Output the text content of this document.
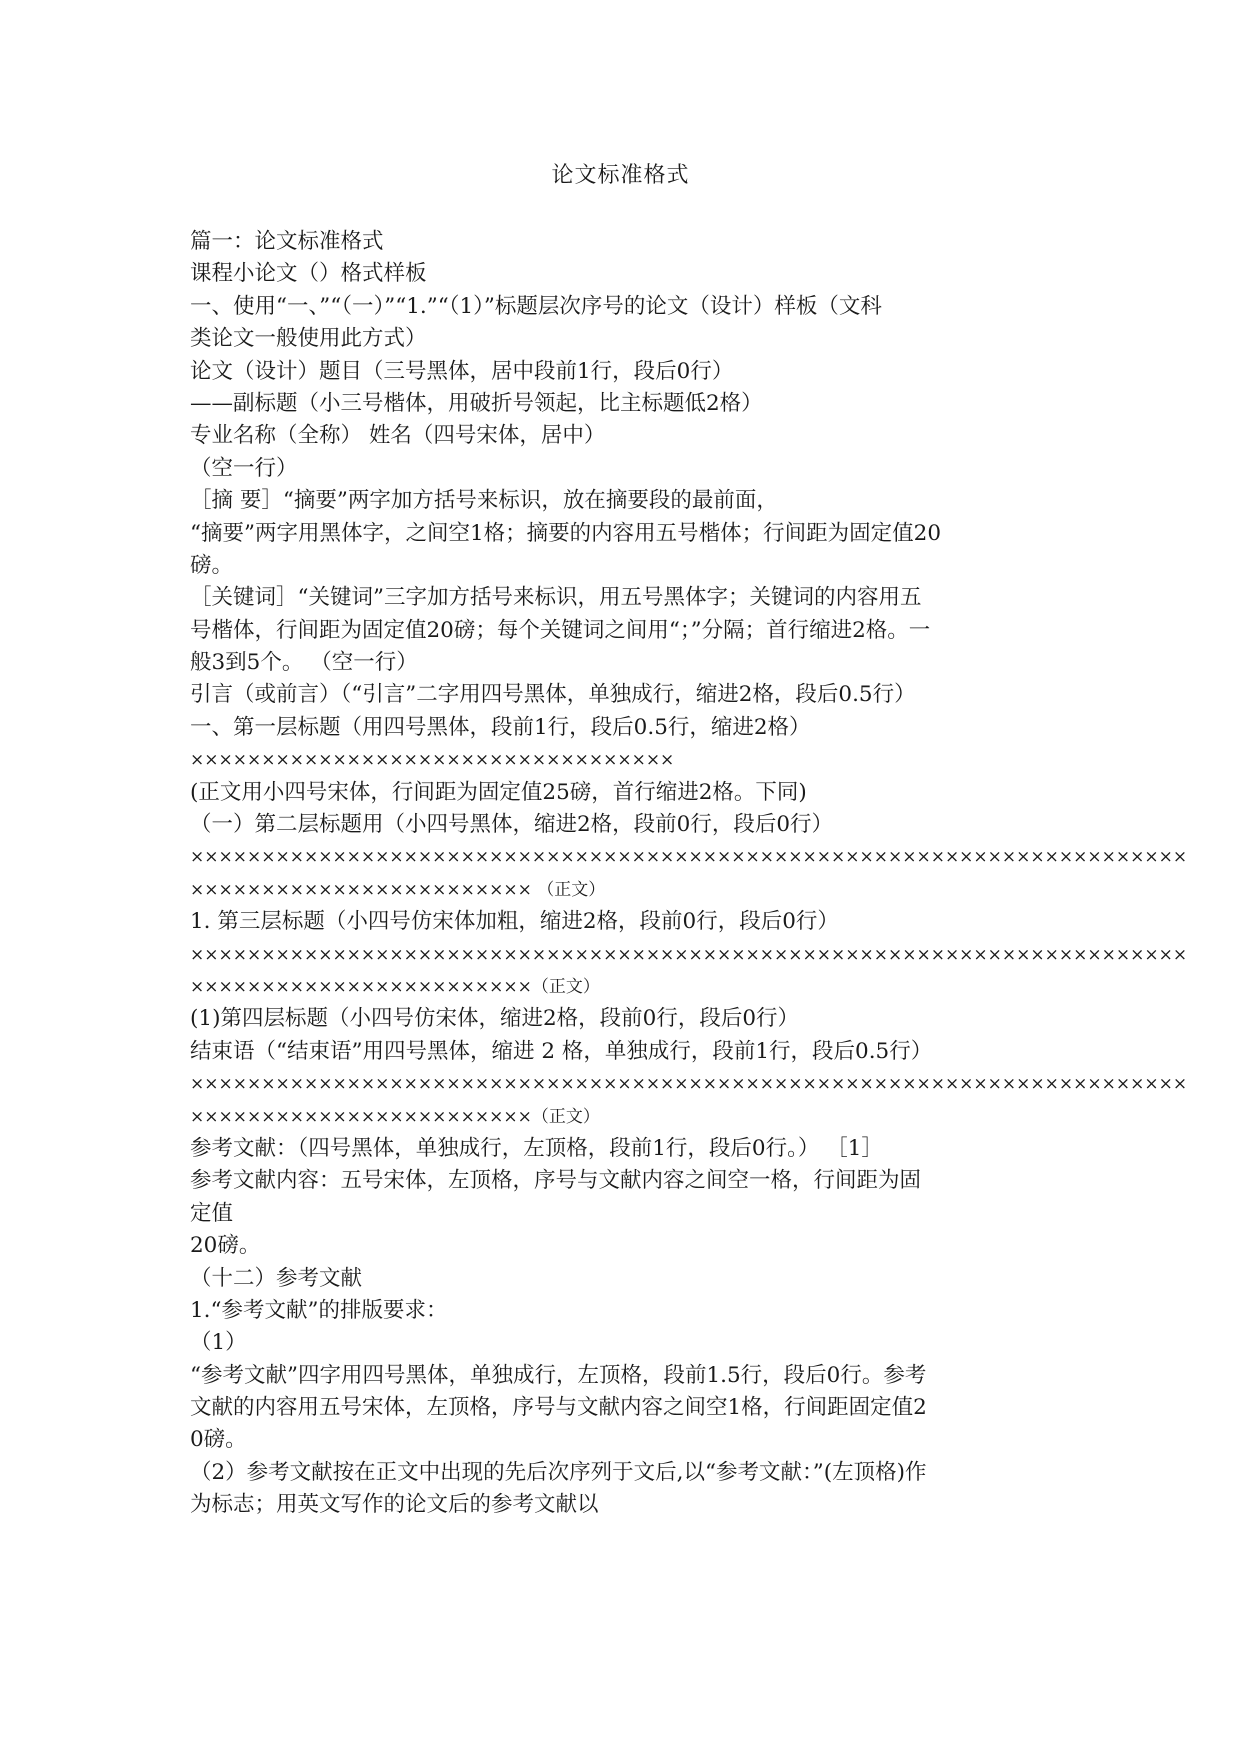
论文标准格式
篇一：论文标准格式
课程小论文（）格式样板
一、使用“一、”“（一）”“1.”“（1）”标题层次序号的论文（设计）样板（文科
类论文一般使用此方式）
论文（设计）题目（三号黑体，居中段前1行，段后0行）
——副标题（小三号楷体，用破折号领起，比主标题低2格）
专业名称（全称） 姓名（四号宋体，居中）
（空一行）
［摘 要］“摘要”两字加方括号来标识，放在摘要段的最前面，
“摘要”两字用黑体字，之间空1格；摘要的内容用五号楷体；行间距为固定值20
磅。
［关键词］“关键词”三字加方括号来标识，用五号黑体字；关键词的内容用五
号楷体，行间距为固定值20磅；每个关键词之间用“；”分隔；首行缩进2格。一
般3到5个。 （空一行）
引言（或前言）（“引言”二字用四号黑体，单独成行，缩进2格，段后0.5行）
一、第一层标题（用四号黑体，段前1行，段后0.5行，缩进2格）
××××××××××××××××××××××××××××××××××
(正文用小四号宋体，行间距为固定值25磅，首行缩进2格。下同)
（一）第二层标题用（小四号黑体，缩进2格，段前0行，段后0行）
××××××××××××××××××××××××××××××××××××××××××××××××××××××××××××××××××××××
×××××××××××××××××××××××× （正文）
1. 第三层标题（小四号仿宋体加粗，缩进2格，段前0行，段后0行）
××××××××××××××××××××××××××××××××××××××××××××××××××××××××××××××××××××××
××××××××××××××××××××××××（正文）
(1)第四层标题（小四号仿宋体，缩进2格，段前0行，段后0行）
结束语（“结束语”用四号黑体，缩进 2 格，单独成行，段前1行，段后0.5行）
××××××××××××××××××××××××××××××××××××××××××××××××××××××××××××××××××××××
××××××××××××××××××××××××（正文）
参考文献：（四号黑体，单独成行，左顶格，段前1行，段后0行。） ［1］
参考文献内容：五号宋体，左顶格，序号与文献内容之间空一格，行间距为固
定值
20磅。
（十二）参考文献
1.“参考文献”的排版要求：
（1）
“参考文献”四字用四号黑体，单独成行，左顶格，段前1.5行，段后0行。参考
文献的内容用五号宋体，左顶格，序号与文献内容之间空1格，行间距固定值2
0磅。
（2）参考文献按在正文中出现的先后次序列于文后,以“参考文献：”(左顶格)作
为标志；用英文写作的论文后的参考文献以
